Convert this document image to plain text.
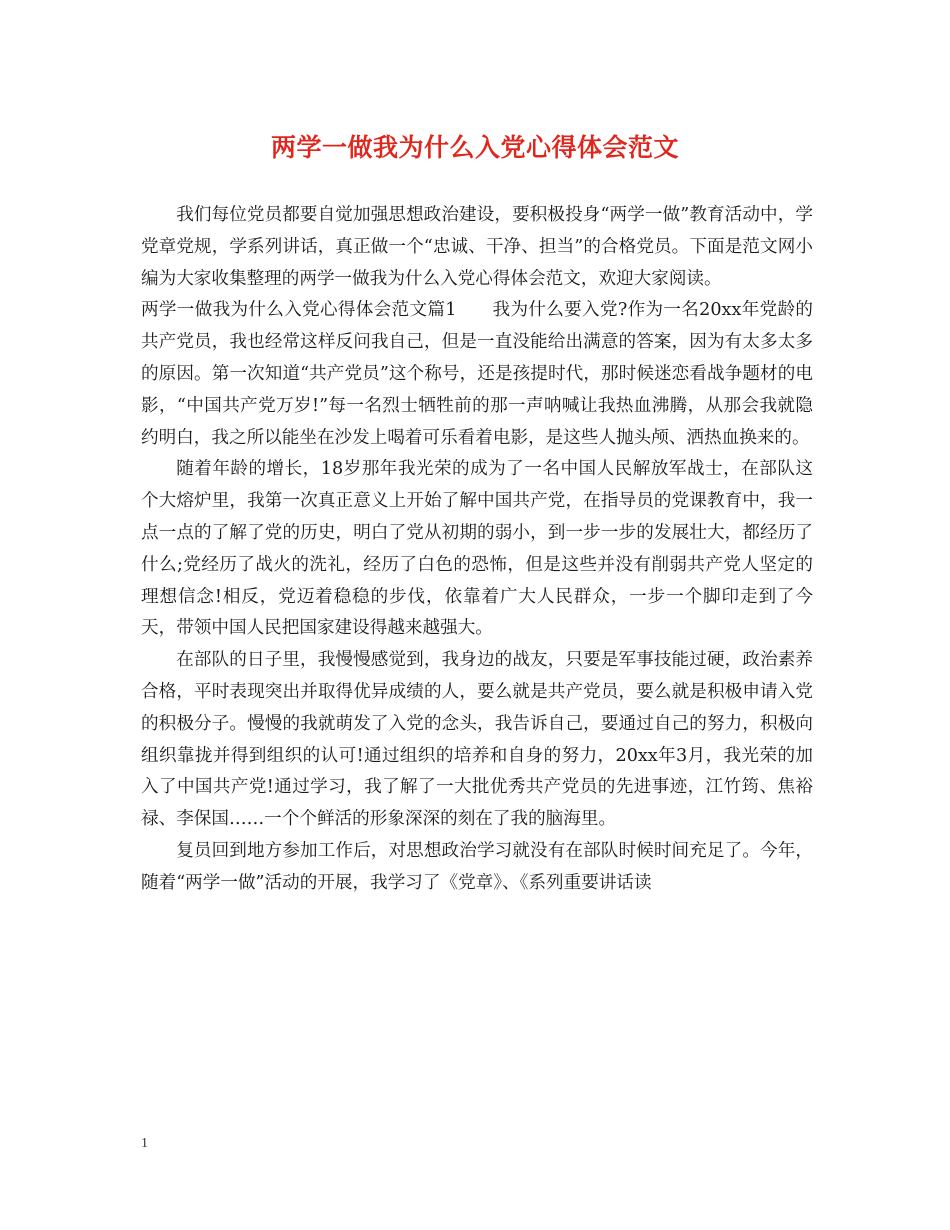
两学一做我为什么入党心得体会范文

我们每位党员都要自觉加强思想政治建设，要积极投身“两学一做”教育活动中，学党章党规，学系列讲话，真正做一个“忠诚、干净、担当”的合格党员。下面是范文网小编为大家收集整理的两学一做我为什么入党心得体会范文，欢迎大家阅读。

两学一做我为什么入党心得体会范文篇1　　我为什么要入党?作为一名20xx年党龄的共产党员，我也经常这样反问我自己，但是一直没能给出满意的答案，因为有太多太多的原因。第一次知道“共产党员”这个称号，还是孩提时代，那时候迷恋看战争题材的电影，“中国共产党万岁!”每一名烈士牺牲前的那一声呐喊让我热血沸腾，从那会我就隐约明白，我之所以能坐在沙发上喝着可乐看着电影，是这些人抛头颅、洒热血换来的。

随着年龄的增长，18岁那年我光荣的成为了一名中国人民解放军战士，在部队这个大熔炉里，我第一次真正意义上开始了解中国共产党，在指导员的党课教育中，我一点一点的了解了党的历史，明白了党从初期的弱小，到一步一步的发展壮大，都经历了什么;党经历了战火的洗礼，经历了白色的恐怖，但是这些并没有削弱共产党人坚定的理想信念!相反，党迈着稳稳的步伐，依靠着广大人民群众，一步一个脚印走到了今天，带领中国人民把国家建设得越来越强大。

在部队的日子里，我慢慢感觉到，我身边的战友，只要是军事技能过硬，政治素养合格，平时表现突出并取得优异成绩的人，要么就是共产党员，要么就是积极申请入党的积极分子。慢慢的我就萌发了入党的念头，我告诉自己，要通过自己的努力，积极向组织靠拢并得到组织的认可!通过组织的培养和自身的努力，20xx年3月，我光荣的加入了中国共产党!通过学习，我了解了一大批优秀共产党员的先进事迹，江竹筠、焦裕禄、李保国……一个个鲜活的形象深深的刻在了我的脑海里。

复员回到地方参加工作后，对思想政治学习就没有在部队时候时间充足了。今年，随着“两学一做”活动的开展，我学习了《党章》、《系列重要讲话读

1
